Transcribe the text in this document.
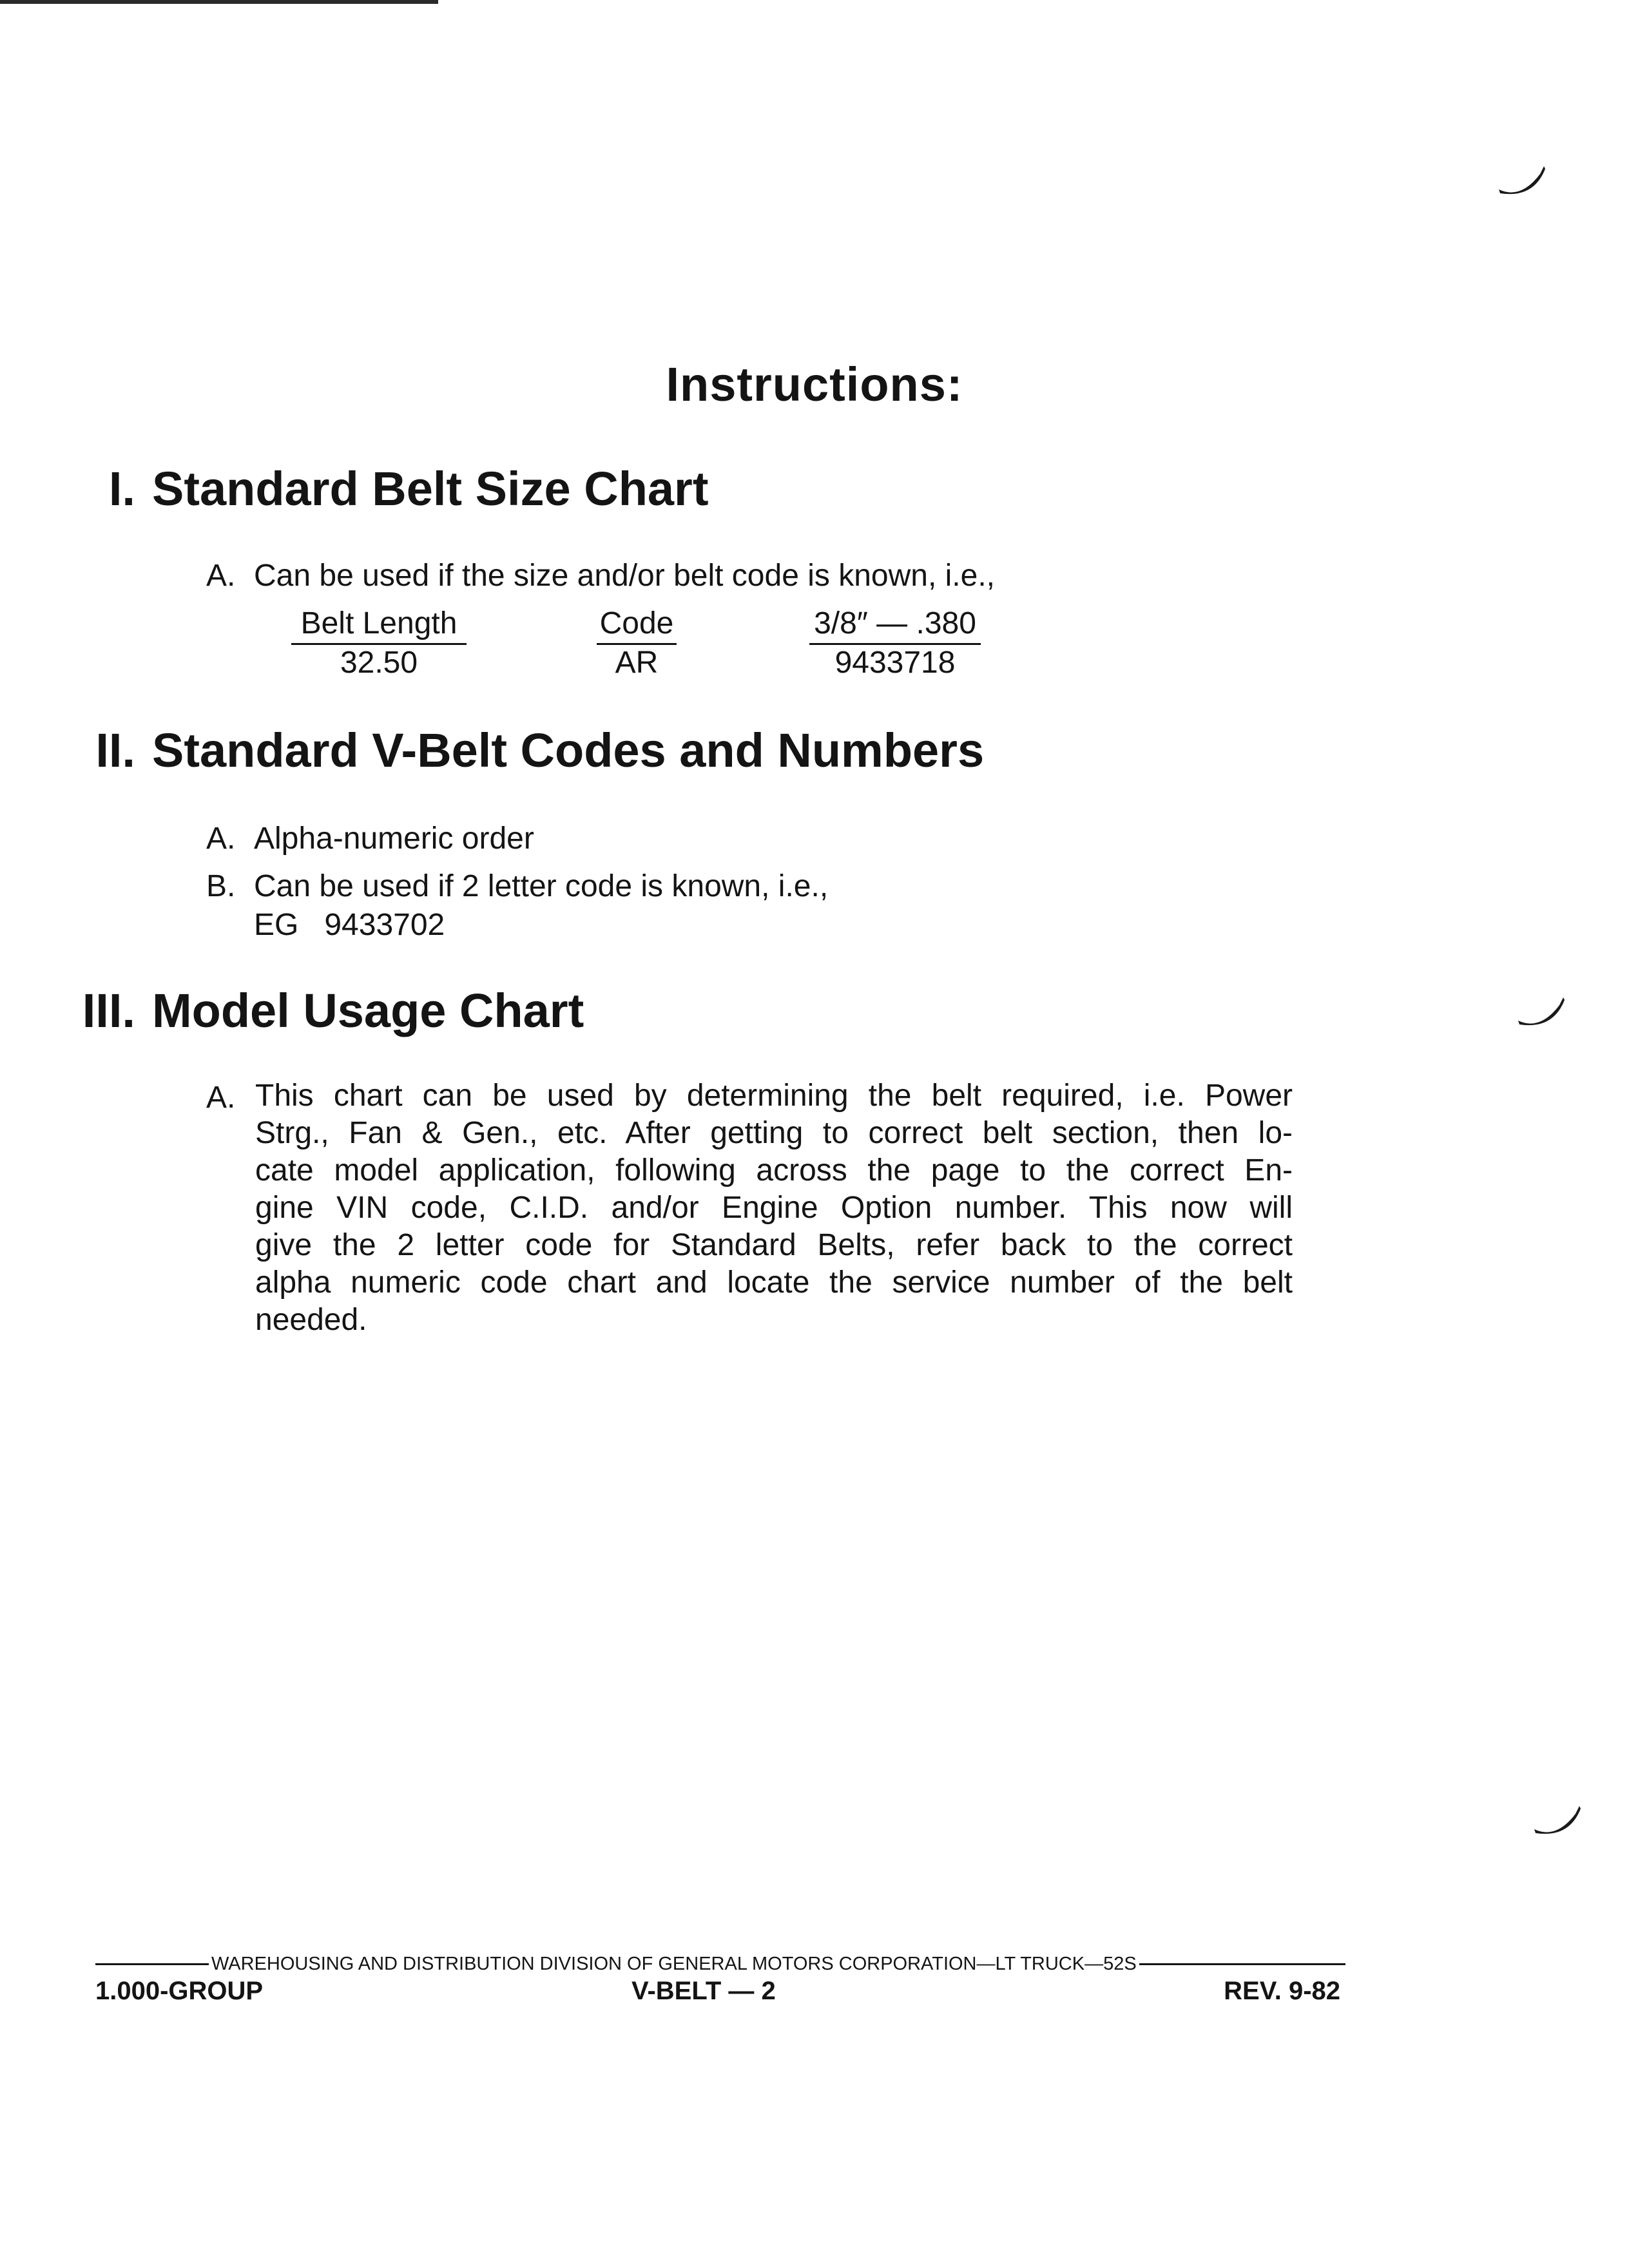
Instructions:
I. Standard Belt Size Chart
A. Can be used if the size and/or belt code is known, i.e.,
Belt Length
32.50
Code
AR
3/8″ — .380
9433718
II. Standard V-Belt Codes and Numbers
A. Alpha-numeric order
B. Can be used if 2 letter code is known, i.e.,
EG   9433702
III. Model Usage Chart
A. This chart can be used by determining the belt required, i.e. Power
Strg., Fan & Gen., etc. After getting to correct belt section, then lo-
cate model application, following across the page to the correct En-
gine VIN code, C.I.D. and/or Engine Option number. This now will
give the 2 letter code for Standard Belts, refer back to the correct
alpha numeric code chart and locate the service number of the belt
needed.
WAREHOUSING AND DISTRIBUTION DIVISION OF GENERAL MOTORS CORPORATION—LT TRUCK—52S
1.000-GROUP	V-BELT — 2	REV. 9-82
